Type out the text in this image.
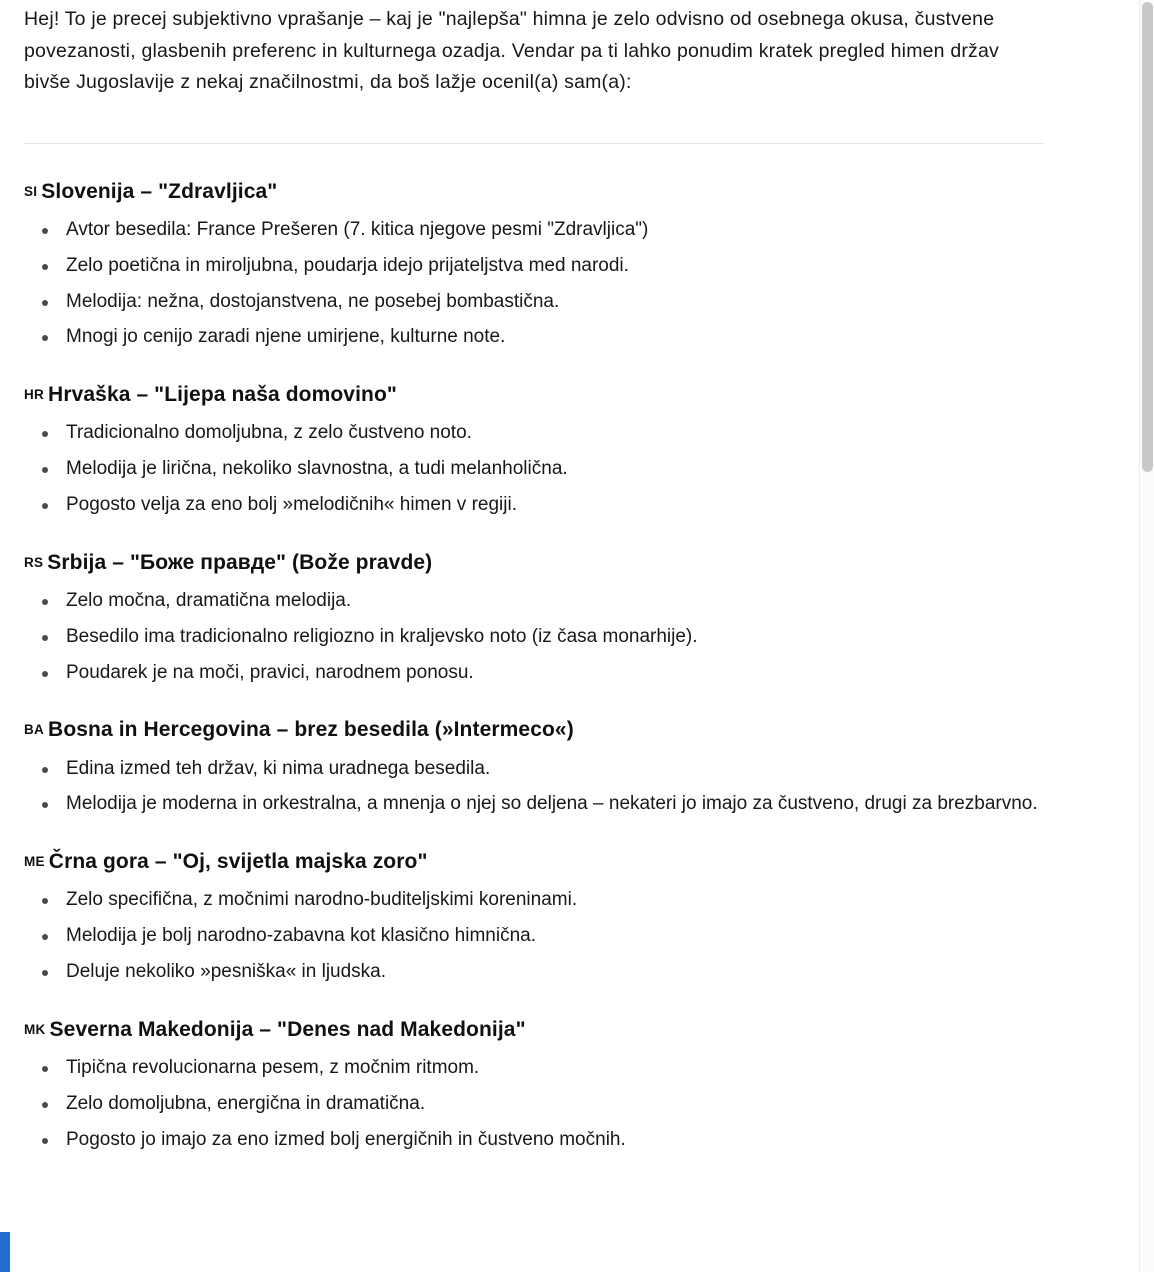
Hej! To je precej subjektivno vprašanje – kaj je "najlepša" himna je zelo odvisno od osebnega okusa, čustvene povezanosti, glasbenih preferenc in kulturnega ozadja. Vendar pa ti lahko ponudim kratek pregled himen držav bivše Jugoslavije z nekaj značilnostmi, da boš lažje ocenil(a) sam(a):

SI Slovenija – "Zdravljica"
Avtor besedila: France Prešeren (7. kitica njegove pesmi "Zdravljica")
Zelo poetična in miroljubna, poudarja idejo prijateljstva med narodi.
Melodija: nežna, dostojanstvena, ne posebej bombastična.
Mnogi jo cenijo zaradi njene umirjene, kulturne note.
HR Hrvaška – "Lijepa naša domovino"
Tradicionalno domoljubna, z zelo čustveno noto.
Melodija je lirična, nekoliko slavnostna, a tudi melanholična.
Pogosto velja za eno bolj »melodičnih« himen v regiji.
RS Srbija – "Боже правде" (Bože pravde)
Zelo močna, dramatična melodija.
Besedilo ima tradicionalno religiozno in kraljevsko noto (iz časa monarhije).
Poudarek je na moči, pravici, narodnem ponosu.
BA Bosna in Hercegovina – brez besedila (»Intermeco«)
Edina izmed teh držav, ki nima uradnega besedila.
Melodija je moderna in orkestralna, a mnenja o njej so deljena – nekateri jo imajo za čustveno, drugi za brezbarvno.
ME Črna gora – "Oj, svijetla majska zoro"
Zelo specifična, z močnimi narodno-buditeljskimi koreninami.
Melodija je bolj narodno-zabavna kot klasično himnična.
Deluje nekoliko »pesniška« in ljudska.
MK Severna Makedonija – "Denes nad Makedonija"
Tipična revolucionarna pesem, z močnim ritmom.
Zelo domoljubna, energična in dramatična.
Pogosto jo imajo za eno izmed bolj energičnih in čustveno močnih.
